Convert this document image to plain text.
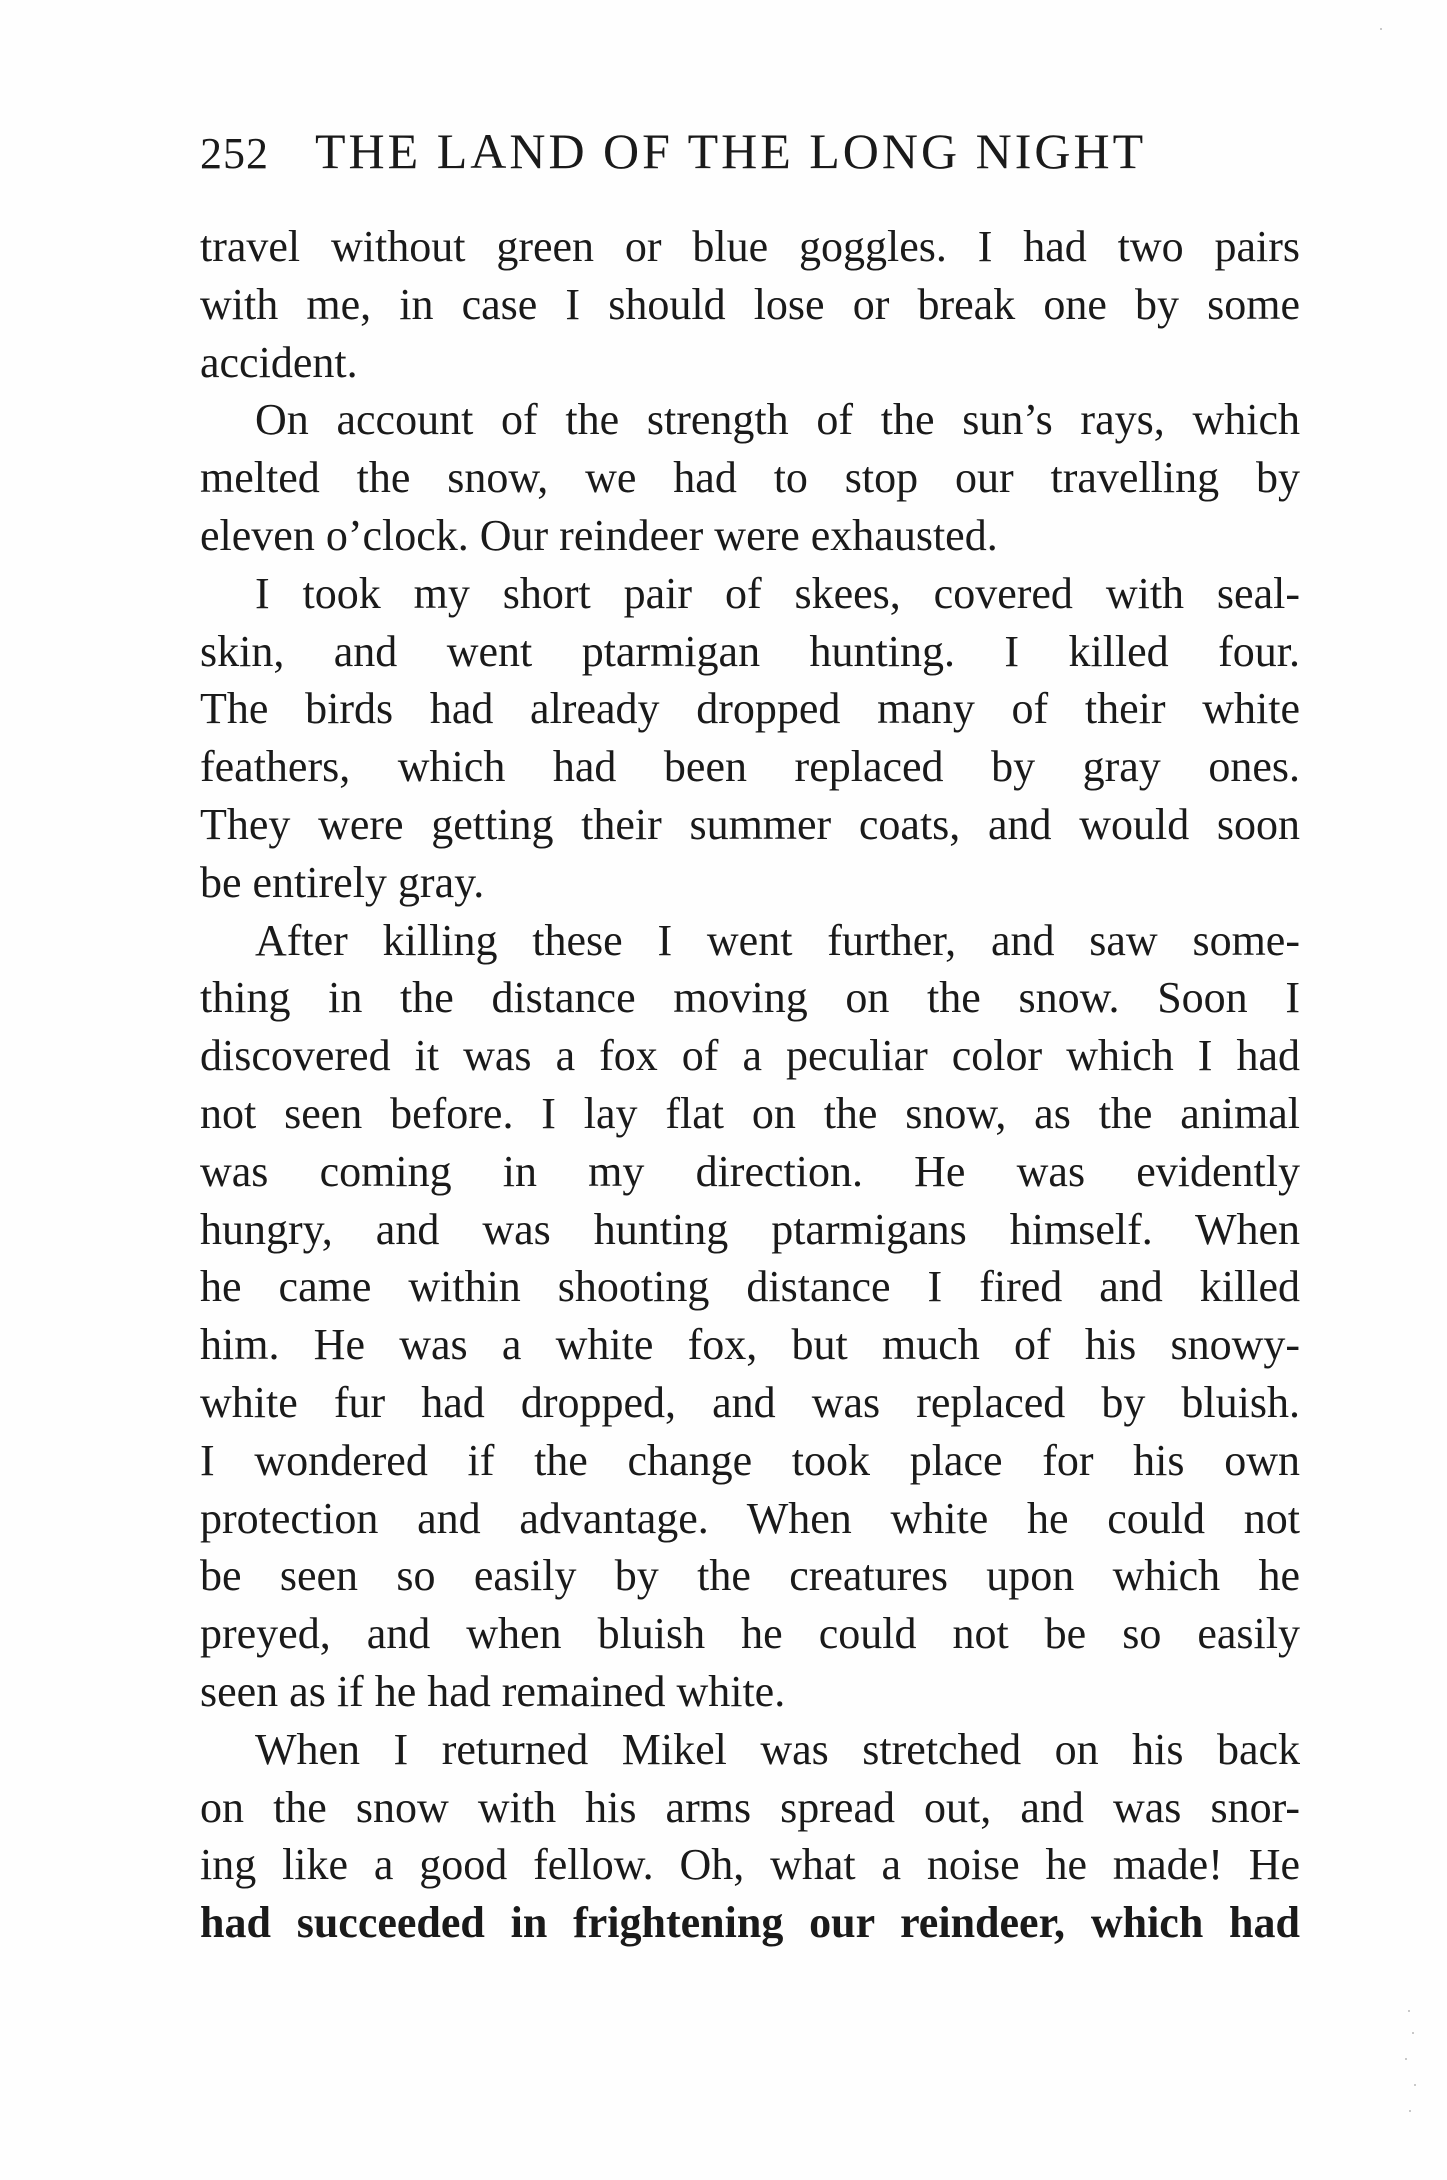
252 THE LAND OF THE LONG NIGHT
travel without green or blue goggles. I had two pairs
with me, in case I should lose or break one by some
accident.
On account of the strength of the sun’s rays, which
melted the snow, we had to stop our travelling by
eleven o’clock. Our reindeer were exhausted.
I took my short pair of skees, covered with seal-
skin, and went ptarmigan hunting. I killed four.
The birds had already dropped many of their white
feathers, which had been replaced by gray ones.
They were getting their summer coats, and would soon
be entirely gray.
After killing these I went further, and saw some-
thing in the distance moving on the snow. Soon I
discovered it was a fox of a peculiar color which I had
not seen before. I lay flat on the snow, as the animal
was coming in my direction. He was evidently
hungry, and was hunting ptarmigans himself. When
he came within shooting distance I fired and killed
him. He was a white fox, but much of his snowy-
white fur had dropped, and was replaced by bluish.
I wondered if the change took place for his own
protection and advantage. When white he could not
be seen so easily by the creatures upon which he
preyed, and when bluish he could not be so easily
seen as if he had remained white.
When I returned Mikel was stretched on his back
on the snow with his arms spread out, and was snor-
ing like a good fellow. Oh, what a noise he made! He
had succeeded in frightening our reindeer, which had
